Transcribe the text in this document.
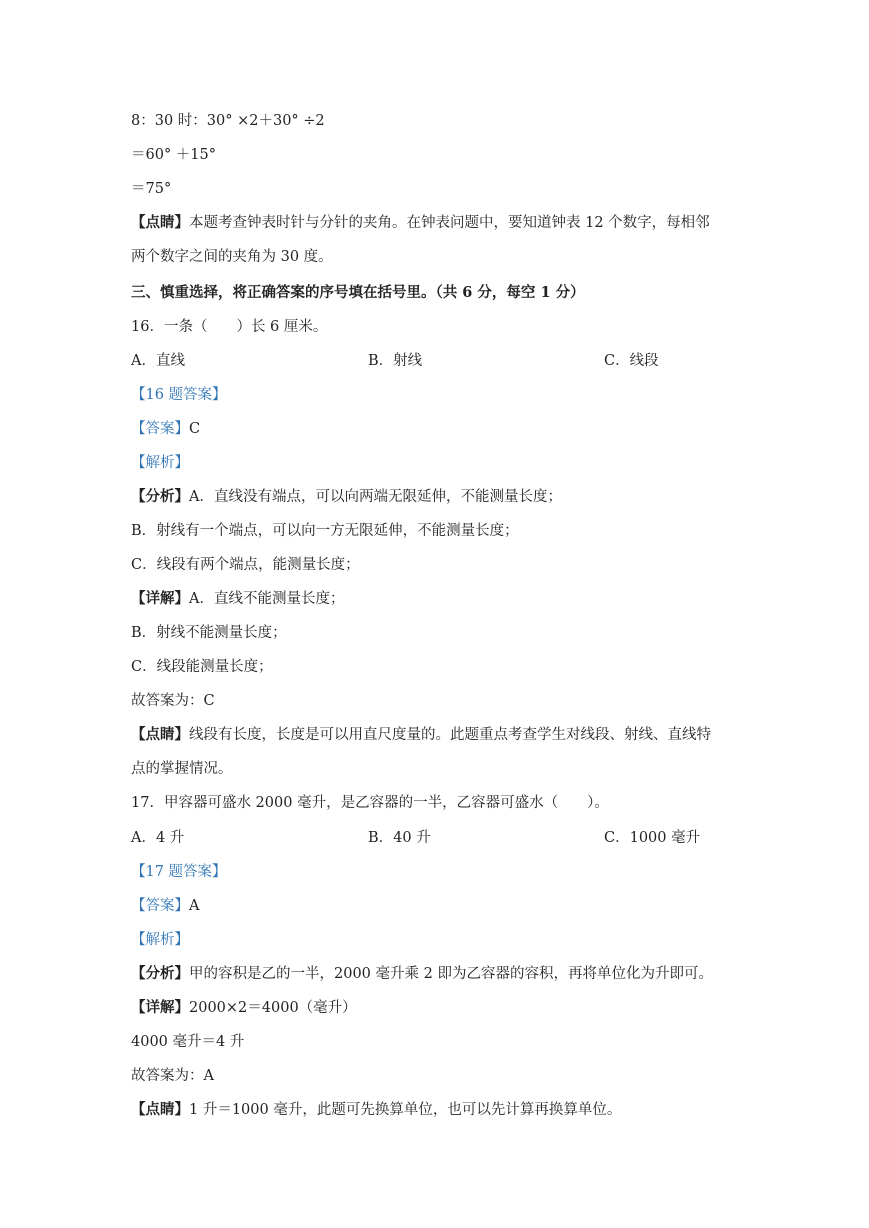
8：30 时：30° ×2＋30° ÷2
＝60° ＋15°
＝75°
【点睛】本题考查钟表时针与分针的夹角。在钟表问题中，要知道钟表 12 个数字，每相邻
两个数字之间的夹角为 30 度。
三、慎重选择，将正确答案的序号填在括号里。（共 6 分，每空 1 分）
16．一条（　　）长 6 厘米。
A．直线	B．射线	C．线段
【16 题答案】
【答案】C
【解析】
【分析】A．直线没有端点，可以向两端无限延伸，不能测量长度；
B．射线有一个端点，可以向一方无限延伸，不能测量长度；
C．线段有两个端点，能测量长度；
【详解】A．直线不能测量长度；
B．射线不能测量长度；
C．线段能测量长度；
故答案为：C
【点睛】线段有长度，长度是可以用直尺度量的。此题重点考查学生对线段、射线、直线特
点的掌握情况。
17．甲容器可盛水 2000 毫升，是乙容器的一半，乙容器可盛水（　　）。
A．4 升	B．40 升	C．1000 毫升
【17 题答案】
【答案】A
【解析】
【分析】甲的容积是乙的一半，2000 毫升乘 2 即为乙容器的容积，再将单位化为升即可。
【详解】2000×2＝4000（毫升）
4000 毫升＝4 升
故答案为：A
【点睛】1 升＝1000 毫升，此题可先换算单位，也可以先计算再换算单位。
